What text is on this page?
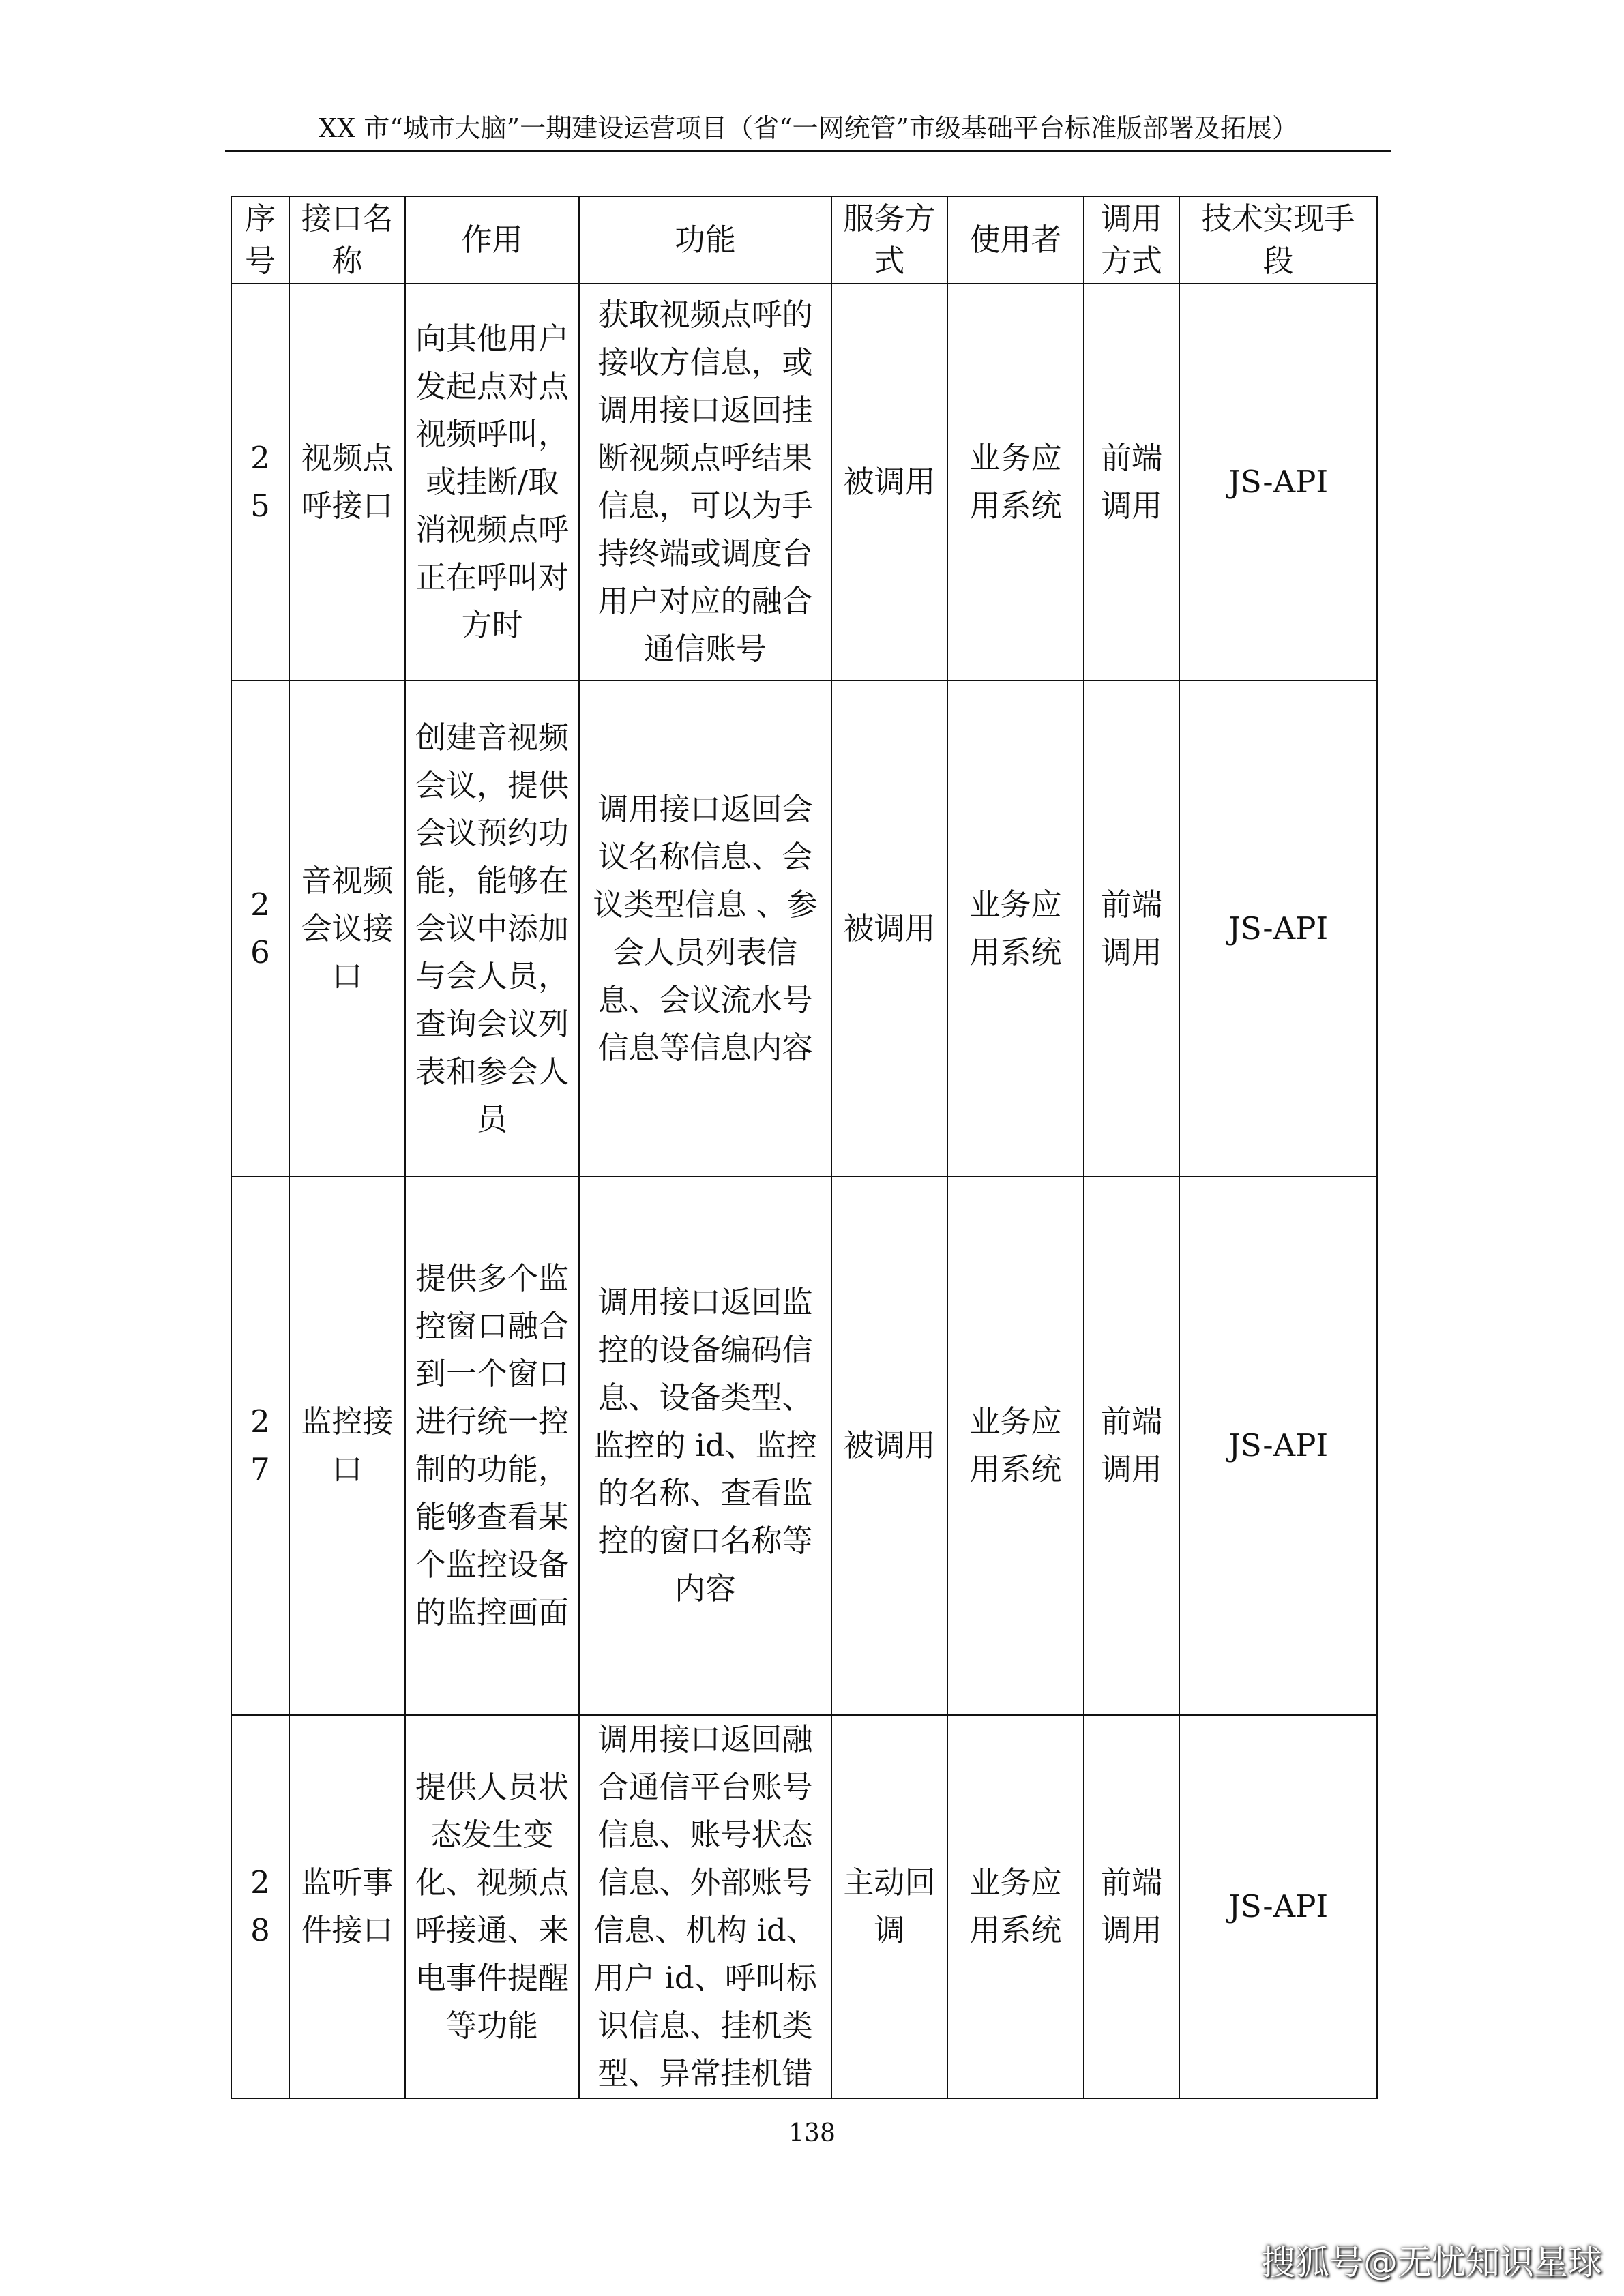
XX 市“城市大脑”一期建设运营项目（省“一网统管”市级基础平台标准版部署及拓展）
序号	接口名称	作用	功能	服务方式	使用者	调用方式	技术实现手段
25	视频点呼接口	向其他用户发起点对点视频呼叫，或挂断/取消视频点呼正在呼叫对方时	获取视频点呼的接收方信息，或调用接口返回挂断视频点呼结果信息，可以为手持终端或调度台用户对应的融合通信账号	被调用	业务应用系统	前端调用	JS-API
26	音视频会议接口	创建音视频会议，提供会议预约功能，能够在会议中添加与会人员，查询会议列表和参会人员	调用接口返回会议名称信息、会议类型信息 、参会人员列表信息、会议流水号信息等信息内容	被调用	业务应用系统	前端调用	JS-API
27	监控接口	提供多个监控窗口融合到一个窗口进行统一控制的功能，能够查看某个监控设备的监控画面	调用接口返回监控的设备编码信息、设备类型、监控的 id、监控的名称、查看监控的窗口名称等内容	被调用	业务应用系统	前端调用	JS-API
28	监听事件接口	提供人员状态发生变化、视频点呼接通、来电事件提醒等功能	调用接口返回融合通信平台账号信息、账号状态信息、外部账号信息、机构 id、用户 id、呼叫标识信息、挂机类型、异常挂机错	主动回调	业务应用系统	前端调用	JS-API
138
搜狐号@无忧知识星球
